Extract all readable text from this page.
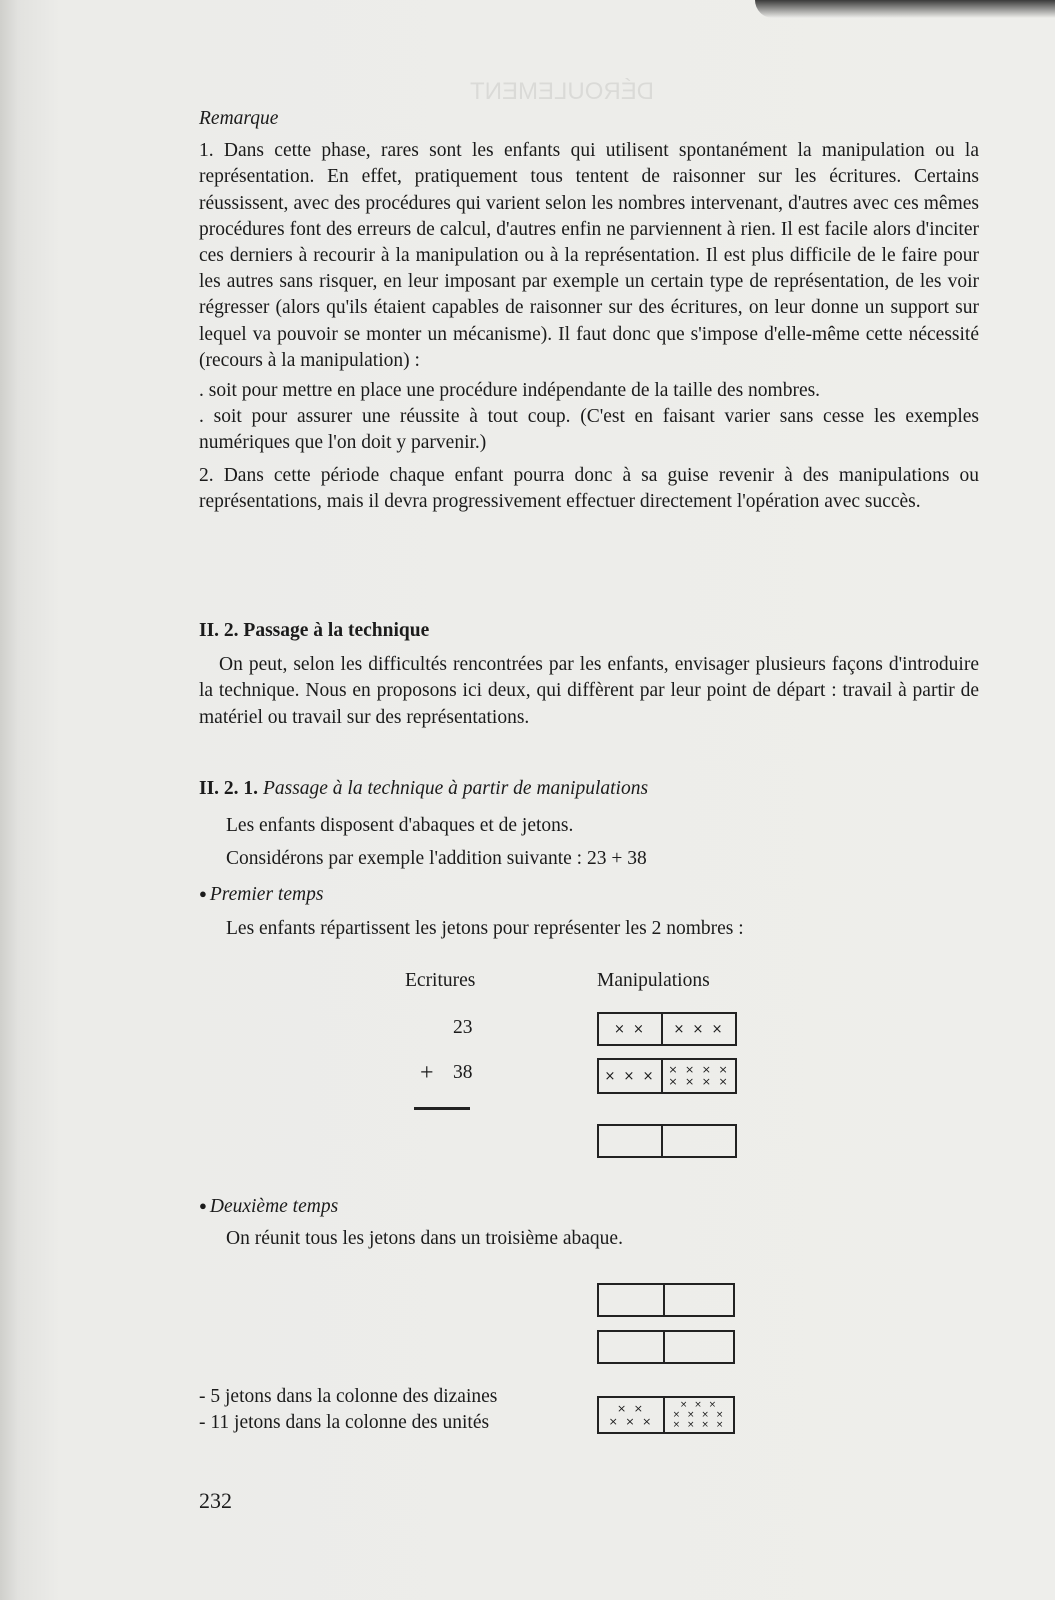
DÉROULEMENT

Remarque

1. Dans cette phase, rares sont les enfants qui utilisent spontanément la manipulation ou la représentation. En effet, pratiquement tous tentent de raisonner sur les écritures. Certains réussissent, avec des procédures qui varient selon les nombres intervenant, d'autres avec ces mêmes procédures font des erreurs de calcul, d'autres enfin ne parviennent à rien. Il est facile alors d'inciter ces derniers à recourir à la manipulation ou à la représentation. Il est plus difficile de le faire pour les autres sans risquer, en leur imposant par exemple un certain type de représentation, de les voir régresser (alors qu'ils étaient capables de raisonner sur des écritures, on leur donne un support sur lequel va pouvoir se monter un mécanisme). Il faut donc que s'impose d'elle-même cette nécessité (recours à la manipulation) :

. soit pour mettre en place une procédure indépendante de la taille des nombres.

. soit pour assurer une réussite à tout coup. (C'est en faisant varier sans cesse les exemples numériques que l'on doit y parvenir.)

2. Dans cette période chaque enfant pourra donc à sa guise revenir à des manipulations ou représentations, mais il devra progressivement effectuer directement l'opération avec succès.

II. 2. Passage à la technique

On peut, selon les difficultés rencontrées par les enfants, envisager plusieurs façons d'introduire la technique. Nous en proposons ici deux, qui diffèrent par leur point de départ : travail à partir de matériel ou travail sur des représentations.

II. 2. 1. Passage à la technique à partir de manipulations
Les enfants disposent d'abaques et de jetons.
Considérons par exemple l'addition suivante : 23 + 38
● Premier temps
Les enfants répartissent les jetons pour représenter les 2 nombres :
Ecritures	Manipulations
23	× ×	× × ×
+ 38	× × ×	× × × ×
× × × ×
● Deuxième temps
On réunit tous les jetons dans un troisième abaque.
- 5 jetons dans la colonne des dizaines
- 11 jetons dans la colonne des unités
× ×
× × ×
× × ×
× × × ×
× × × ×
232
